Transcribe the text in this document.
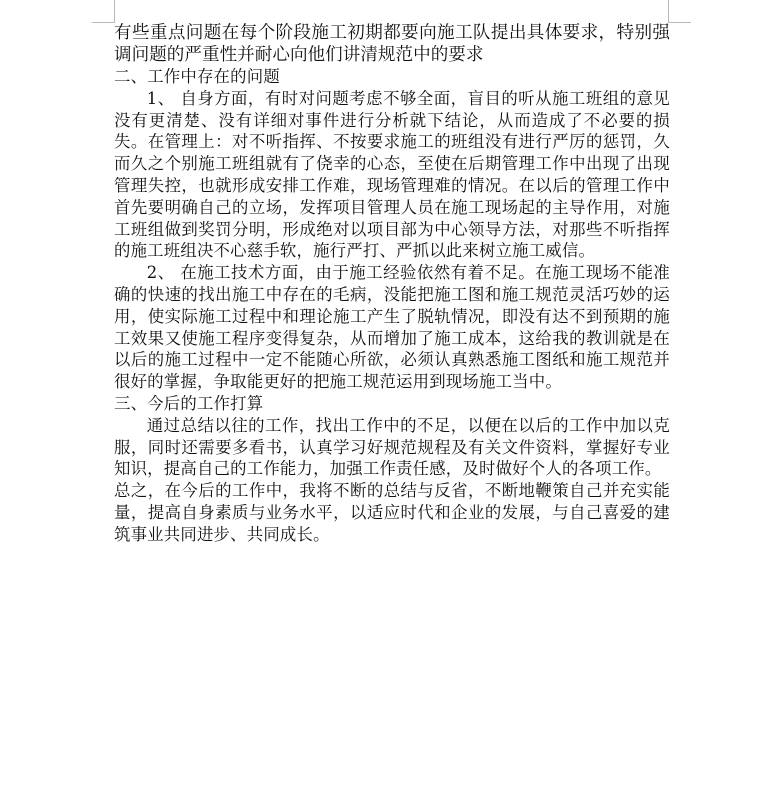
有些重点问题在每个阶段施工初期都要向施工队提出具体要求，特别强调问题的严重性并耐心向他们讲清规范中的要求

二、工作中存在的问题

1、 自身方面，有时对问题考虑不够全面，盲目的听从施工班组的意见没有更清楚、没有详细对事件进行分析就下结论，从而造成了不必要的损失。在管理上：对不听指挥、不按要求施工的班组没有进行严厉的惩罚，久而久之个别施工班组就有了侥幸的心态，至使在后期管理工作中出现了出现管理失控，也就形成安排工作难，现场管理难的情况。在以后的管理工作中首先要明确自己的立场，发挥项目管理人员在施工现场起的主导作用，对施工班组做到奖罚分明，形成绝对以项目部为中心领导方法，对那些不听指挥的施工班组决不心慈手软，施行严打、严抓以此来树立施工威信。

2、 在施工技术方面，由于施工经验依然有着不足。在施工现场不能准确的快速的找出施工中存在的毛病，没能把施工图和施工规范灵活巧妙的运用，使实际施工过程中和理论施工产生了脱轨情况，即没有达不到预期的施工效果又使施工程序变得复杂，从而增加了施工成本，这给我的教训就是在以后的施工过程中一定不能随心所欲，必须认真熟悉施工图纸和施工规范并很好的掌握，争取能更好的把施工规范运用到现场施工当中。

三、今后的工作打算

通过总结以往的工作，找出工作中的不足，以便在以后的工作中加以克服，同时还需要多看书，认真学习好规范规程及有关文件资料，掌握好专业知识，提高自己的工作能力，加强工作责任感，及时做好个人的各项工作。

总之，在今后的工作中，我将不断的总结与反省，不断地鞭策自己并充实能量，提高自身素质与业务水平，以适应时代和企业的发展，与自己喜爱的建筑事业共同进步、共同成长。
